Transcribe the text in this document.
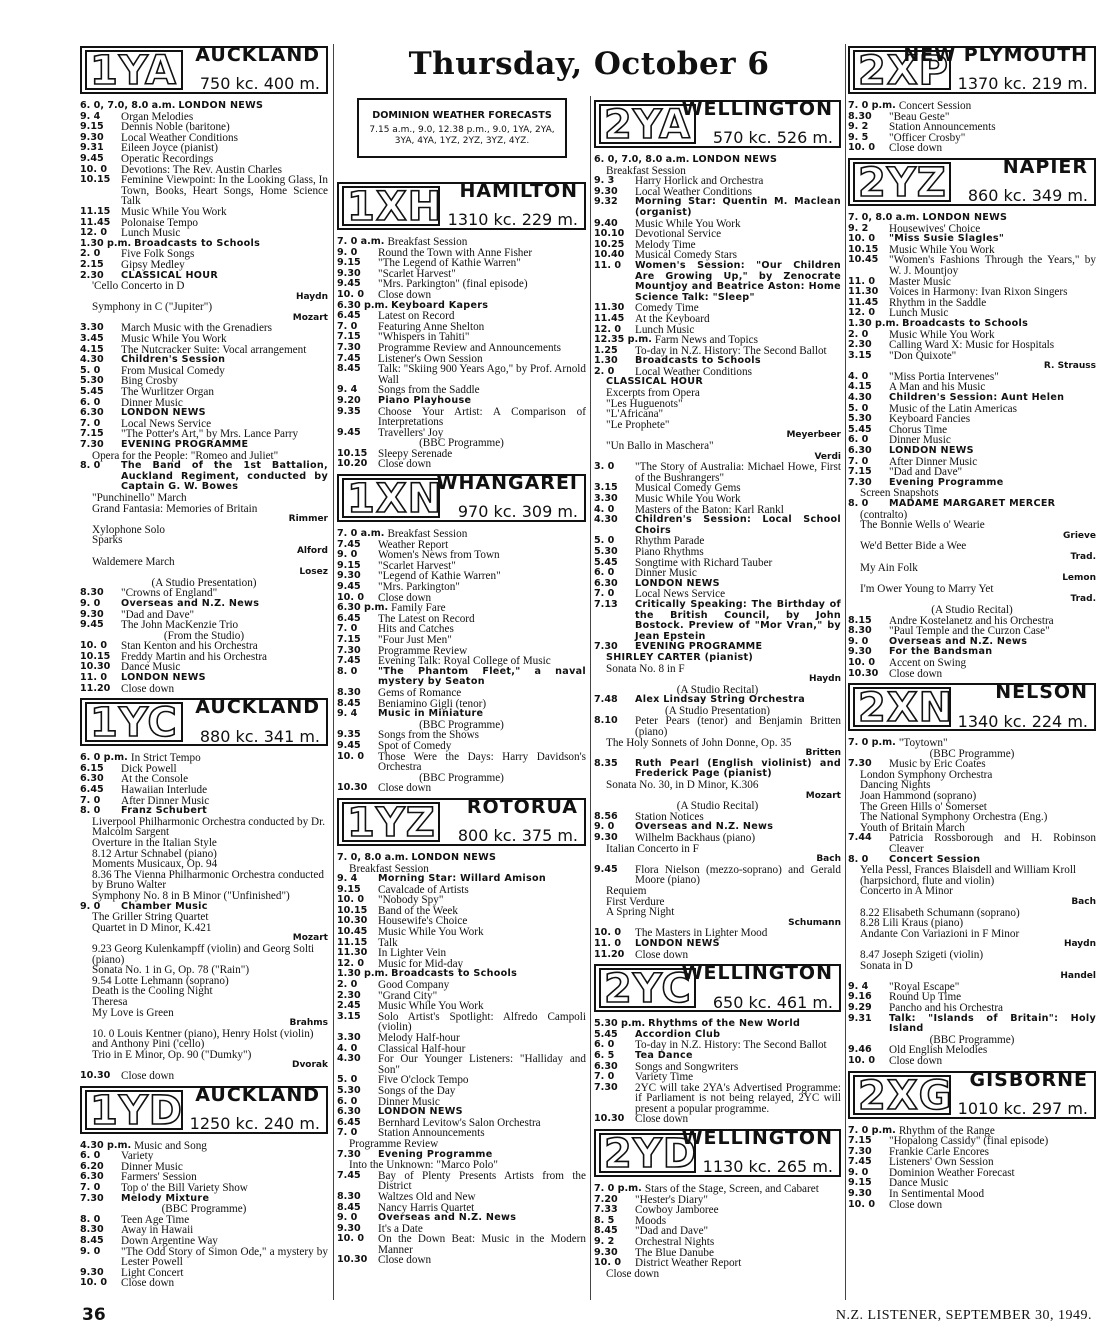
Thursday, October 6
DOMINION WEATHER FORECASTS
7.15 a.m., 9.0, 12.38 p.m., 9.0, 1YA, 2YA, 3YA, 4YA, 1YZ, 2YZ, 3YZ, 4YZ.
1YA AUCKLAND
750 kc. 400 m.
6. 0, 7.0, 8.0 a.m. LONDON NEWS
9. 4	Organ Melodies
9.15	Dennis Noble (baritone)
9.30	Local Weather Conditions
9.31	Eileen Joyce (pianist)
9.45	Operatic Recordings
10. 0	Devotions: The Rev. Austin Charles
10.15 Feminine Viewpoint: In the Looking Glass, In Town, Books, Heart Songs, Home Science Talk
11.15 Music While You Work
11.45 Polonaise Tempo
12. 0	Lunch Music
1.30 p.m. Broadcasts to Schools
2. 0	Five Folk Songs
2.15	Gipsy Medley
2.30	CLASSICAL HOUR
'Cello Concerto in D
Haydn
Symphony in C ("Jupiter")
Mozart
3.30	March Music with the Grenadiers
3.45	Music While You Work
4.15	The Nutcracker Suite: Vocal arrangement
4.30	Children's Session
5. 0	From Musical Comedy
5.30	Bing Crosby
5.45	The Wurlitzer Organ
6. 0	Dinner Music
6.30	LONDON NEWS
7. 0	Local News Service
7.15	"The Potter's Art," by Mrs. Lance Parry
7.30	EVENING PROGRAMME
Opera for the People: "Romeo and Juliet"
8. 0	The Band of the 1st Battalion, Auckland Regiment, conducted by Captain G. W. Bowes
"Punchinello" March
Grand Fantasia: Memories of Britain
Rimmer
Xylophone Solo
Sparks
Alford
Waldemere March
Losez
(A Studio Presentation)
8.30	"Crowns of England"
9. 0	Overseas and N.Z. News
9.30	"Dad and Dave"
9.45	The John MacKenzie Trio
(From the Studio)
10. 0	Stan Kenton and his Orchestra
10.15 Freddy Martin and his Orchestra
10.30 Dance Music
11. 0	LONDON NEWS
11.20 Close down
1YC AUCKLAND
880 kc. 341 m.
6. 0 p.m. In Strict Tempo
6.15	Dick Powell
6.30	At the Console
6.45	Hawaiian Interlude
7. 0	After Dinner Music
8. 0	Franz Schubert
Liverpool Philharmonic Orchestra conducted by Dr. Malcolm Sargent
Overture in the Italian Style
8.12 Artur Schnabel (piano)
Moments Musicaux, Op. 94
8.36 The Vienna Philharmonic Orchestra conducted by Bruno Walter
Symphony No. 8 in B Minor ("Unfinished")
9. 0	Chamber Music
The Griller String Quartet
Quartet in D Minor, K.421
Mozart
9.23 Georg Kulenkampff (violin) and Georg Solti (piano)
Sonata No. 1 in G, Op. 78 ("Rain")
9.54 Lotte Lehmann (soprano)
Death is the Cooling Night
Theresa
My Love is Green
Brahms
10. 0 Louis Kentner (piano), Henry Holst (violin) and Anthony Pini ('cello)
Trio in E Minor, Op. 90 ("Dumky")
Dvorak
10.30 Close down
1YD AUCKLAND
1250 kc. 240 m.
4.30 p.m. Music and Song
6. 0	Variety
6.20	Dinner Music
6.30	Farmers' Session
7. 0	Top o' the Bill Variety Show
7.30	Melody Mixture
(BBC Programme)
8. 0	Teen Age Time
8.30	Away in Hawaii
8.45	Down Argentine Way
9. 0	"The Odd Story of Simon Ode," a mystery by Lester Powell
9.30	Light Concert
10. 0	Close down
1XH HAMILTON
1310 kc. 229 m.
7. 0 a.m. Breakfast Session
9. 0	Round the Town with Anne Fisher
9.15	"The Legend of Kathie Warren"
9.30	"Scarlet Harvest"
9.45	"Mrs. Parkington" (final episode)
10. 0	Close down
6.30 p.m. Keyboard Kapers
6.45	Latest on Record
7. 0	Featuring Anne Shelton
7.15	"Whispers in Tahiti"
7.30	Programme Review and Announcements
7.45	Listener's Own Session
8.45	Talk: "Skiing 900 Years Ago," by Prof. Arnold Wall
9. 4	Songs from the Saddle
9.20	Piano Playhouse
9.35	Choose Your Artist: A Comparison of Interpretations
9.45	Travellers' Joy
(BBC Programme)
10.15 Sleepy Serenade
10.20 Close down
1XN
WHANGAREI
970 kc. 309 m.
7. 0 a.m. Breakfast Session
7.45	Weather Report
9. 0	Women's News from Town
9.15	"Scarlet Harvest"
9.30	"Legend of Kathie Warren"
9.45	"Mrs. Parkington"
10. 0	Close down
6.30 p.m. Family Fare
6.45	The Latest on Record
7. 0	Hits and Catches
7.15	"Four Just Men"
7.30	Programme Review
7.45	Evening Talk: Royal College of Music
8. 0	"The Phantom Fleet," a naval mystery by Seaton
8.30	Gems of Romance
8.45	Beniamino Gigli (tenor)
9. 4	Music in Miniature
(BBC Programme)
9.35	Songs from the Shows
9.45	Spot of Comedy
10. 0	Those Were the Days: Harry Davidson's Orchestra
(BBC Programme)
10.30 Close down
1YZ ROTORUA
800 kc. 375 m.
7. 0, 8.0 a.m. LONDON NEWS
Breakfast Session
9. 4	Morning Star: Willard Amison
9.15	Cavalcade of Artists
10. 0	"Nobody Spy"
10.15 Band of the Week
10.30 Housewife's Choice
10.45 Music While You Work
11.15 Talk
11.30 In Lighter Vein
12. 0	Music for Mid-day
1.30 p.m. Broadcasts to Schools
2. 0	Good Company
2.30	"Grand City"
2.45	Music While You Work
3.15	Solo Artist's Spotlight: Alfredo Campoli (violin)
3.30	Melody Half-hour
4. 0	Classical Half-hour
4.30	For Our Younger Listeners: "Halliday and Son"
5. 0	Five O'clock Tempo
5.30	Songs of the Day
6. 0	Dinner Music
6.30	LONDON NEWS
6.45	Bernhard Levitow's Salon Orchestra
7. 0	Station Announcements
Programme Review
7.30	Evening Programme
Into the Unknown: "Marco Polo"
7.45	Bay of Plenty Presents Artists from the District
8.30	Waltzes Old and New
8.45	Nancy Harris Quartet
9. 0	Overseas and N.Z. News
9.30	It's a Date
10. 0	On the Down Beat: Music in the Modern Manner
10.30 Close down
2YA
WELLINGTON
570 kc. 526 m.
6. 0, 7.0, 8.0 a.m. LONDON NEWS
Breakfast Session
9. 3	Harry Horlick and Orchestra
9.30	Local Weather Conditions
9.32	Morning Star: Quentin M. Maclean (organist)
9.40	Music While You Work
10.10 Devotional Service
10.25 Melody Time
10.40 Musical Comedy Stars
11. 0	Women's Session: "Our Children Are Growing Up," by Zenocrate Mountjoy and Beatrice Aston: Home Science Talk: "Sleep"
11.30 Comedy Time
11.45 At the Keyboard
12. 0	Lunch Music
12.35 p.m. Farm News and Topics
1.25	To-day in N.Z. History: The Second Ballot
1.30	Broadcasts to Schools
2. 0	Local Weather Conditions
CLASSICAL HOUR
Excerpts from Opera
"Les Huguenots"
"L'Africana"
"Le Prophete"
Meyerbeer
"Un Ballo in Maschera"
Verdi
3. 0	"The Story of Australia: Michael Howe, First of the Bushrangers"
3.15	Musical Comedy Gems
3.30	Music While You Work
4. 0	Masters of the Baton: Karl Rankl
4.30	Children's Session: Local School Choirs
5. 0	Rhythm Parade
5.30	Piano Rhythms
5.45	Songtime with Richard Tauber
6. 0	Dinner Music
6.30	LONDON NEWS
7. 0	Local News Service
7.13	Critically Speaking: The Birthday of the British Council, by John Bostock. Preview of "Mor Vran," by Jean Epstein
7.30	EVENING PROGRAMME
SHIRLEY CARTER (pianist)
Sonata No. 8 in F
Haydn
(A Studio Recital)
7.48	Alex Lindsay String Orchestra
(A Studio Presentation)
8.10	Peter Pears (tenor) and Benjamin Britten (piano)
The Holy Sonnets of John Donne, Op. 35
Britten
8.35	Ruth Pearl (English violinist) and Frederick Page (pianist)
Sonata No. 30, in D Minor, K.306
Mozart
(A Studio Recital)
8.56	Station Notices
9. 0	Overseas and N.Z. News
9.30	Wilhelm Backhaus (piano)
Italian Concerto in F
Bach
9.45	Flora Nielson (mezzo-soprano) and Gerald Moore (piano)
Requiem
First Verdure
A Spring Night
Schumann
10. 0	The Masters in Lighter Mood
11. 0	LONDON NEWS
11.20 Close down
2YC
WELLINGTON
650 kc. 461 m.
5.30 p.m. Rhythms of the New World
5.45	Accordion Club
6. 0	To-day in N.Z. History: The Second Ballot
6. 5	Tea Dance
6.30	Songs and Songwriters
7. 0	Variety Time
7.30	2YC will take 2YA's Advertised Programme: if Parliament is not being relayed, 2YC will present a popular programme.
10.30 Close down
2YD
WELLINGTON
1130 kc. 265 m.
7. 0 p.m. Stars of the Stage, Screen, and Cabaret
7.20	"Hester's Diary"
7.33	Cowboy Jamboree
8. 5	Moods
8.45	"Dad and Dave"
9. 2	Orchestral Nights
9.30	The Blue Danube
10. 0	District Weather Report
Close down
2XP
NEW PLYMOUTH
1370 kc. 219 m.
7. 0 p.m. Concert Session
8.30	"Beau Geste"
9. 2	Station Announcements
9. 5	"Officer Crosby"
10. 0	Close down
2YZ	NAPIER
860 kc. 349 m.
7. 0, 8.0 a.m. LONDON NEWS
9. 2	Housewives' Choice
10. 0	"Miss Susie Slagles"
10.15 Music While You Work
10.45 "Women's Fashions Through the Years," by W. J. Mountjoy
11. 0	Master Music
11.30 Voices in Harmony: Ivan Rixon Singers
11.45 Rhythm in the Saddle
12. 0	Lunch Music
1.30 p.m. Broadcasts to Schools
2. 0	Music While You Work
2.30	Calling Ward X: Music for Hospitals
3.15	"Don Quixote"
R. Strauss
4. 0	"Miss Portia Intervenes"
4.15	A Man and his Music
4.30	Children's Session: Aunt Helen
5. 0	Music of the Latin Americas
5.30	Keyboard Fancies
5.45	Chorus Time
6. 0	Dinner Music
6.30	LONDON NEWS
7. 0	After Dinner Music
7.15	"Dad and Dave"
7.30	Evening Programme
Screen Snapshots
8. 0	MADAME MARGARET MERCER
(contralto)
The Bonnie Wells o' Wearie
Grieve
We'd Better Bide a Wee
Trad.
My Ain Folk
Lemon
I'm Ower Young to Marry Yet
Trad.
(A Studio Recital)
8.15	Andre Kostelanetz and his Orchestra
8.30	"Paul Temple and the Curzon Case"
9. 0	Overseas and N.Z. News
9.30	For the Bandsman
10. 0	Accent on Swing
10.30 Close down
2XN NELSON
1340 kc. 224 m.
7. 0 p.m. "Toytown"
(BBC Programme)
7.30	Music by Eric Coates
London Symphony Orchestra
Dancing Nights
Joan Hammond (soprano)
The Green Hills o' Somerset
The National Symphony Orchestra (Eng.)
Youth of Britain March
7.44	Patricia Rossborough and H. Robinson Cleaver
8. 0	Concert Session
Yella Pessl, Frances Blaisdell and William Kroll (harpsichord, flute and violin)
Concerto in A Minor
Bach
8.22 Elisabeth Schumann (soprano)
8.28 Lili Kraus (piano)
Andante Con Variazioni in F Minor
Haydn
8.47 Joseph Szigeti (violin)
Sonata in D
Handel
9. 4	"Royal Escape"
9.16	Round Up Time
9.29	Pancho and his Orchestra
9.31	Talk: "Islands of Britain": Holy Island
(BBC Programme)
9.46	Old English Melodies
10. 0	Close down
2XG GISBORNE
1010 kc. 297 m.
7. 0 p.m. Rhythm of the Range
7.15	"Hopalong Cassidy" (final episode)
7.30	Frankie Carle Encores
7.45	Listeners' Own Session
9. 0	Dominion Weather Forecast
9.15	Dance Music
9.30	In Sentimental Mood
10. 0	Close down
36	N.Z. LISTENER, SEPTEMBER 30, 1949.
